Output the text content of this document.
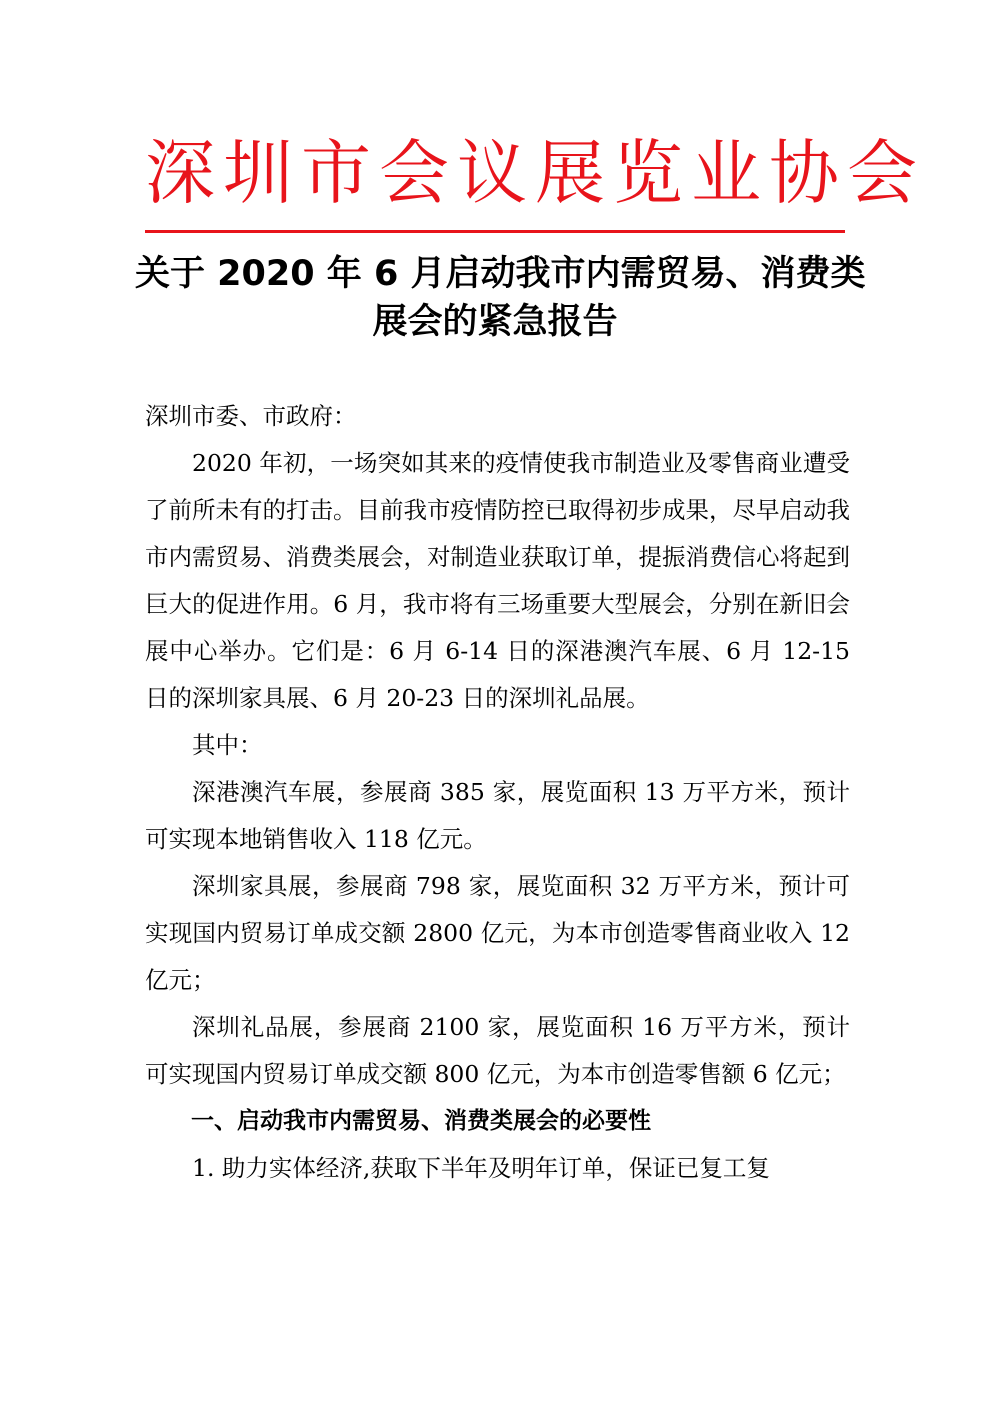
深圳市会议展览业协会
关于 2020 年 6 月启动我市内需贸易、消费类
展会的紧急报告

深圳市委、市政府：

2020 年初，一场突如其来的疫情使我市制造业及零售商业遭受了前所未有的打击。目前我市疫情防控已取得初步成果，尽早启动我市内需贸易、消费类展会，对制造业获取订单，提振消费信心将起到巨大的促进作用。6 月，我市将有三场重要大型展会，分别在新旧会展中心举办。它们是：6 月 6-14 日的深港澳汽车展、6 月 12-15 日的深圳家具展、6 月 20-23 日的深圳礼品展。

其中：

深港澳汽车展，参展商 385 家，展览面积 13 万平方米，预计可实现本地销售收入 118 亿元。

深圳家具展，参展商 798 家，展览面积 32 万平方米，预计可实现国内贸易订单成交额 2800 亿元，为本市创造零售商业收入 12 亿元；

深圳礼品展，参展商 2100 家，展览面积 16 万平方米，预计可实现国内贸易订单成交额 800 亿元，为本市创造零售额 6 亿元；

一、启动我市内需贸易、消费类展会的必要性

1. 助力实体经济,获取下半年及明年订单，保证已复工复
